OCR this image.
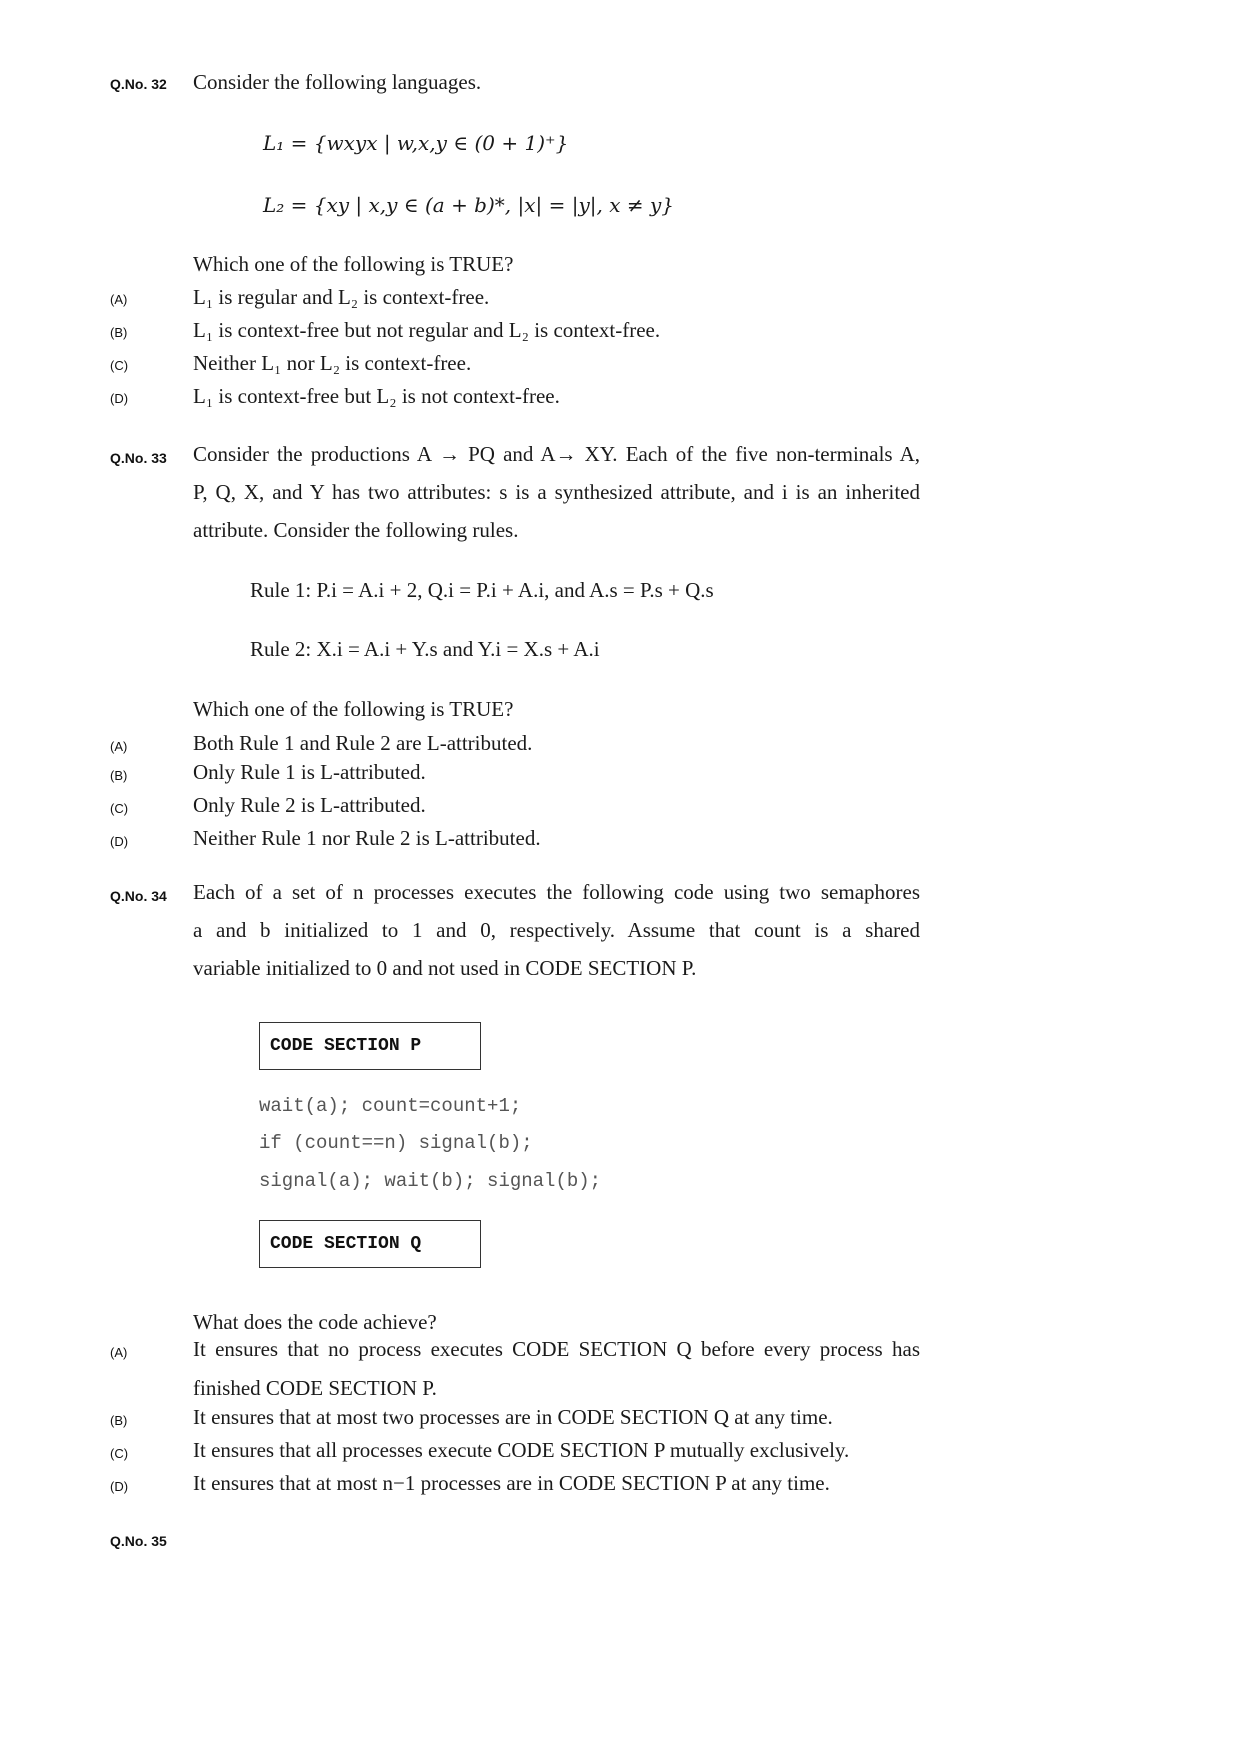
Q.No. 32 Consider the following languages.
L₁ = {wxyx | w,x,y ∈ (0 + 1)⁺}
L₂ = {xy | x,y ∈ (a + b)*, |x| = |y|, x ≠ y}
Which one of the following is TRUE?
(A)	L₁ is regular and L₂ is context-free.
(B)	L₁ is context-free but not regular and L₂ is context-free.
(C)	Neither L₁ nor L₂ is context-free.
(D)	L₁ is context-free but L₂ is not context-free.
Q.No. 33 Consider the productions A → PQ and A→ XY. Each of the five non-terminals A,
P, Q, X, and Y has two attributes: s is a synthesized attribute, and i is an inherited
attribute. Consider the following rules.
Rule 1: P.i = A.i + 2, Q.i = P.i + A.i, and A.s = P.s + Q.s
Rule 2: X.i = A.i + Y.s and Y.i = X.s + A.i
Which one of the following is TRUE?
(A)	Both Rule 1 and Rule 2 are L-attributed.
(B)	Only Rule 1 is L-attributed.
(C)	Only Rule 2 is L-attributed.
(D)	Neither Rule 1 nor Rule 2 is L-attributed.
Q.No. 34 Each of a set of n processes executes the following code using two semaphores
a and b initialized to 1 and 0, respectively. Assume that count is a shared
variable initialized to 0 and not used in CODE SECTION P.
CODE SECTION P
wait(a); count=count+1;
if (count==n) signal(b);
signal(a); wait(b); signal(b);
CODE SECTION Q
What does the code achieve?
(A)	It ensures that no process executes CODE SECTION Q before every process has
finished CODE SECTION P.
(B)	It ensures that at most two processes are in CODE SECTION Q at any time.
(C)	It ensures that all processes execute CODE SECTION P mutually exclusively.
(D)	It ensures that at most n−1 processes are in CODE SECTION P at any time.
Q.No. 35
